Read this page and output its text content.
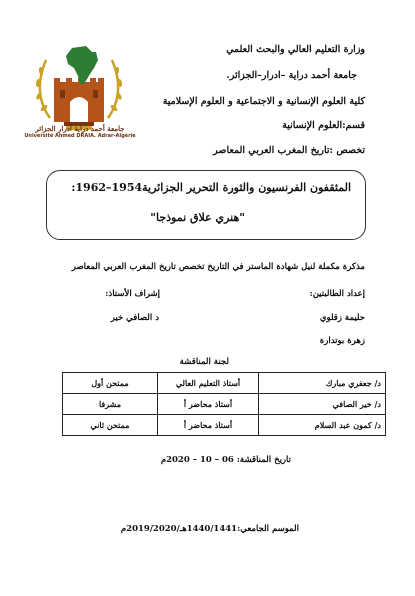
جامعة أحمد دراية أدرار الجزائر
Université Ahmed DRAIA. Adrar-Algérie
وزارة التعليم العالي والبحث العلمي
جامعة أحمد دراية –ادرار–الجزائر.
كلية العلوم الإنسانية و الاجتماعية و العلوم الإسلامية
قسم:العلوم الإنسانية
تخصص :تاريخ المغرب العربي المعاصر
المثقفون الفرنسيون والثورة التحرير الجزائرية1954–1962:
"هنري علاق نموذجا"
مذكرة مكملة لنيل شهادة الماستر في التاريخ تخصص تاريخ المغرب العربي المعاصر
إعداد الطالبتين:
إشراف الأستاذ:
حليمة زقلوي
د الصافي خير
زهرة بوتدارة
لجنة المناقشة
د/ جعفري مبارك	أستاذ التعليم العالي	ممتحن أول
د/ خير الصافي	أستاذ محاضر أ	مشرفا
د/ كمون عبد السلام	أستاذ محاضر أ	ممتحن ثاني
تاريخ المناقشة: 06 – 10 – 2020م
الموسم الجامعي:1440/1441هـ/2019/2020م
